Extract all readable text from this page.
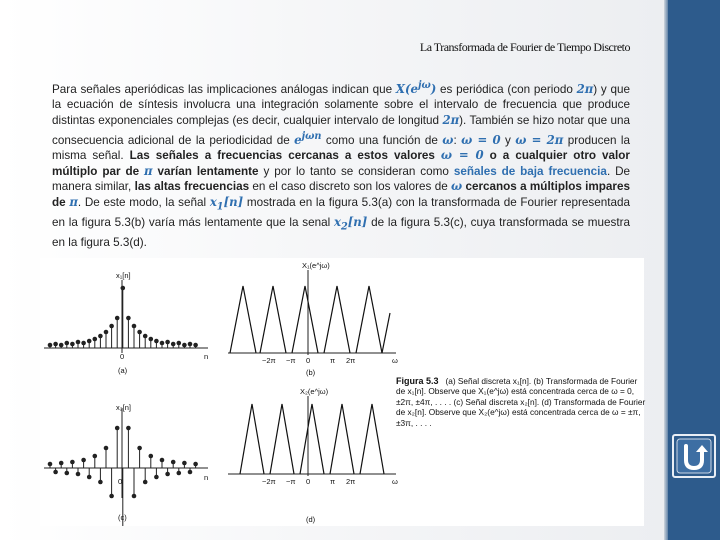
La Transformada de Fourier de Tiempo Discreto
Para señales aperiódicas las implicaciones análogas indican que $X(e^{j\omega})$ es periódica (con periodo 2π) y que la ecuación de síntesis involucra una integración solamente sobre el intervalo de frecuencia que produce distintas exponenciales complejas (es decir, cualquier intervalo de longitud 2π). También se hizo notar que una consecuencia adicional de la periodicidad de $e^{j\omega n}$ como una función de ω: ω = 0 y ω = 2π producen la misma señal. Las señales a frecuencias cercanas a estos valores ω = 0 o a cualquier otro valor múltiplo par de π varían lentamente y por lo tanto se consideran como señales de baja frecuencia. De manera similar, las altas frecuencias en el caso discreto son los valores de ω cercanos a múltiplos impares de π. De este modo, la señal $x_1[n]$ mostrada en la figura 5.3(a) con la transformada de Fourier representada en la figura 5.3(b) varía más lentamente que la senal $x_2[n]$ de la figura 5.3(c), cuya transformada se muestra en la figura 5.3(d).
x₁[n]
n
0
(a)
X₁(e^jω)
−2π −π 0	π 2π	ω
(b)
x₂[n]
n
0
(c)
X₂(e^jω)
−2π −π 0	π 2π	ω
(d)
Figura 5.3 (a) Señal discreta x₁[n]. (b) Transformada de Fourier de x₁[n]. Observe que X₁(e^jω) está concentrada cerca de ω = 0, ±2π, ±4π, . . . . (c) Señal discreta x₂[n]. (d) Transformada de Fourier de x₂[n]. Observe que X₂(e^jω) está concentrada cerca de ω = ±π, ±3π, . . . .
